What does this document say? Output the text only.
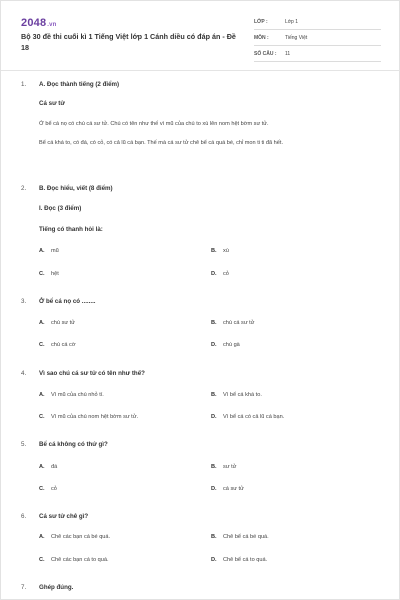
2048.vn
Bộ 30 đề thi cuối kì 1 Tiếng Việt lớp 1 Cánh diều có đáp án - Đề 18
LỚP :	Lớp 1
MÔN :	Tiếng Việt
SỐ CÂU : 11
1. A. Đọc thành tiếng (2 điểm)
Cá sư tử
Ở bể cá nọ có chú cá sư tử. Chú có tên như thế vì mũ của chú to xù lên nom hệt bờm sư tử.
Bể cá khá to, có đá, có cỏ, có cả lũ cá bạn. Thế mà cá sư tử chê bể cá quá bé, chỉ mon ti ti đã hết.
2. B. Đọc hiểu, viết (8 điểm)
I. Đọc (3 điểm)
Tiếng có thanh hỏi là:
A. mũ	B. xù
C. hệt	D. cỏ
3. Ở bể cá nọ có ........
A. chú sư tử	B. chú cá sư tử
C. chú cá cờ	D. chú gà
4. Vì sao chú cá sư tử có tên như thế?
A. Vì mũ của chú nhỏ tí.	B. Vì bể cá khá to.
C. Vì mũ của chú nom hệt bờm sư tử.	D. Vì bể cá có cả lũ cá bạn.
5. Bể cá không có thứ gì?
A. đá	B. sư tử
C. cỏ	D. cá sư tử
6. Cá sư tử chê gì?
A. Chê các bạn cá bé quá.	B. Chê bể cá bé quá.
C. Chê các bạn cá to quá.	D. Chê bể cá to quá.
7. Ghép đúng.
